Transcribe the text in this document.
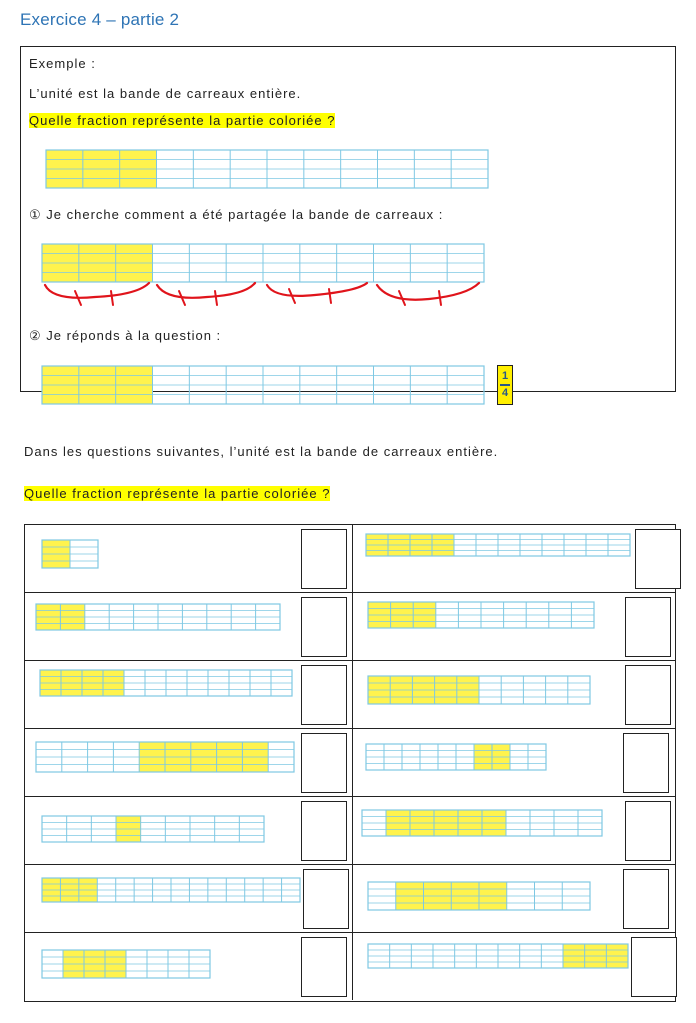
Exercice 4 – partie 2
Exemple :
L’unité est la bande de carreaux entière.
Quelle fraction représente la partie coloriée ?
① Je cherche comment a été partagée la bande de carreaux :
② Je réponds à la question :
1
4
Dans les questions suivantes, l’unité est la bande de carreaux entière.
Quelle fraction représente la partie coloriée ?
